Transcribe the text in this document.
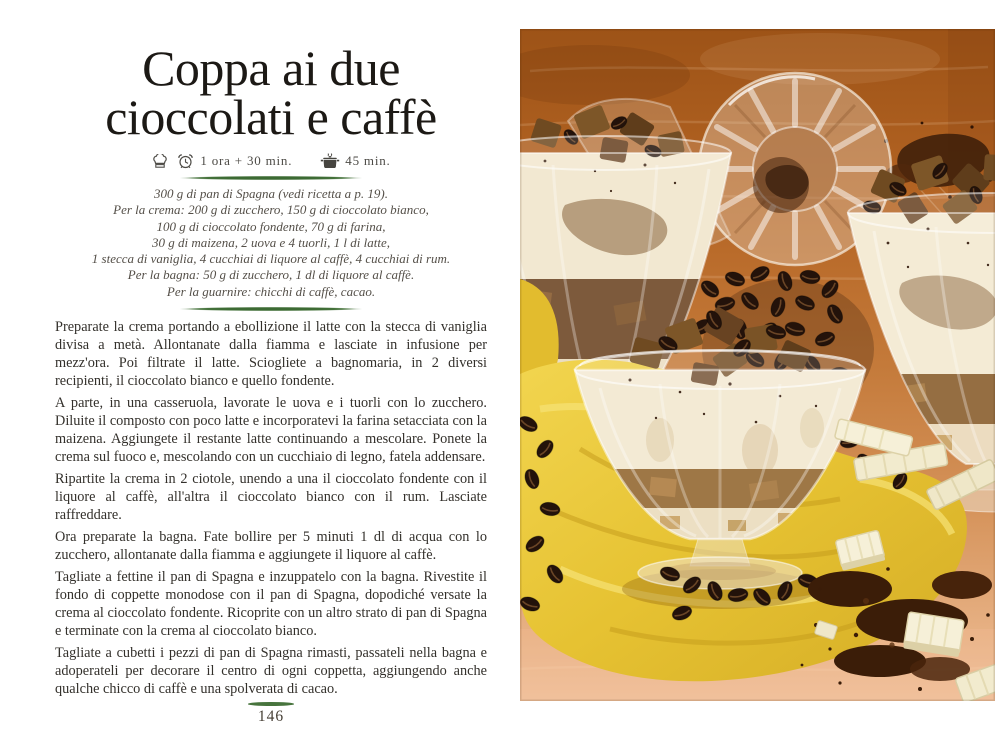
Coppa ai due
cioccolati e caffè
1 ora + 30 min.	45 min.
300 g di pan di Spagna (vedi ricetta a p. 19).
Per la crema: 200 g di zucchero, 150 g di cioccolato bianco,
100 g di cioccolato fondente, 70 g di farina,
30 g di maizena, 2 uova e 4 tuorli, 1 l di latte,
1 stecca di vaniglia, 4 cucchiai di liquore al caffè, 4 cucchiai di rum.
Per la bagna: 50 g di zucchero, 1 dl di liquore al caffè.
Per la guarnire: chicchi di caffè, cacao.

Preparate la crema portando a ebollizione il latte con la stecca di vaniglia divisa a metà. Allontanate dalla fiamma e lasciate in infusione per mezz'ora. Poi filtrate il latte. Sciogliete a bagnomaria, in 2 diversi recipienti, il cioccolato bianco e quello fondente.

A parte, in una casseruola, lavorate le uova e i tuorli con lo zucchero. Diluite il composto con poco latte e incorporatevi la farina setacciata con la maizena. Aggiungete il restante latte continuando a mescolare. Ponete la crema sul fuoco e, mescolando con un cucchiaio di legno, fatela addensare.

Ripartite la crema in 2 ciotole, unendo a una il cioccolato fondente con il liquore al caffè, all'altra il cioccolato bianco con il rum. Lasciate raffreddare.

Ora preparate la bagna. Fate bollire per 5 minuti 1 dl di acqua con lo zucchero, allontanate dalla fiamma e aggiungete il liquore al caffè.

Tagliate a fettine il pan di Spagna e inzuppatelo con la bagna. Rivestite il fondo di coppette monodose con il pan di Spagna, dopodiché versate la crema al cioccolato fondente. Ricoprite con un altro strato di pan di Spagna e terminate con la crema al cioccolato bianco.

Tagliate a cubetti i pezzi di pan di Spagna rimasti, passateli nella bagna e adoperateli per decorare il centro di ogni coppetta, aggiungendo anche qualche chicco di caffè e una spolverata di cacao.

146
